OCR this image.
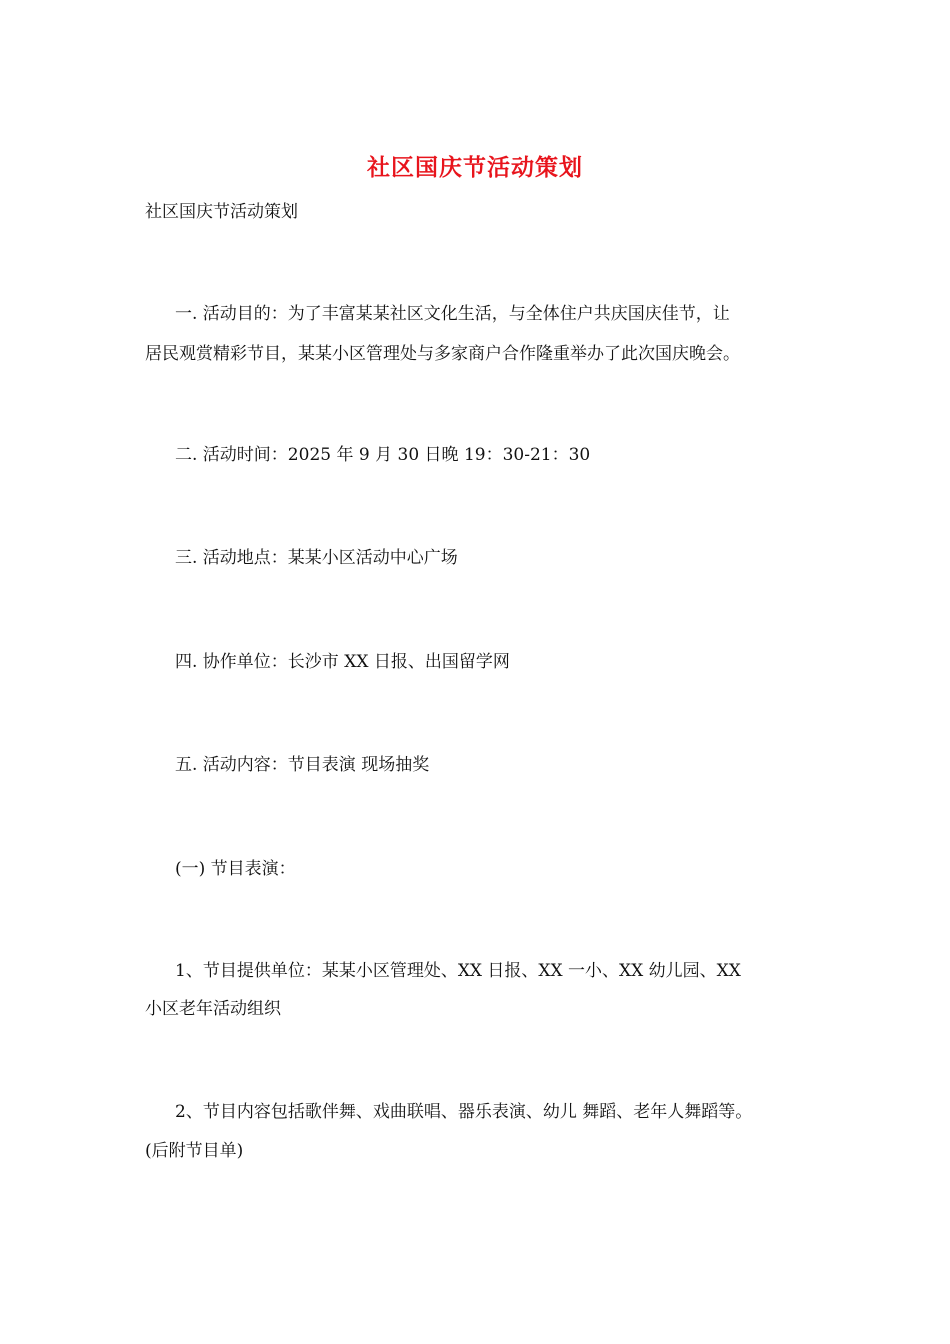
社区国庆节活动策划
社区国庆节活动策划
一. 活动目的：为了丰富某某社区文化生活，与全体住户共庆国庆佳节，让
居民观赏精彩节目，某某小区管理处与多家商户合作隆重举办了此次国庆晚会。
二. 活动时间：2025 年 9 月 30 日晚 19：30-21：30
三. 活动地点：某某小区活动中心广场
四. 协作单位：长沙市 XX 日报、出国留学网
五. 活动内容：节目表演 现场抽奖
(一) 节目表演：
1、节目提供单位：某某小区管理处、XX 日报、XX 一小、XX 幼儿园、XX
小区老年活动组织
2、节目内容包括歌伴舞、戏曲联唱、器乐表演、幼儿 舞蹈、老年人舞蹈等。
(后附节目单)
